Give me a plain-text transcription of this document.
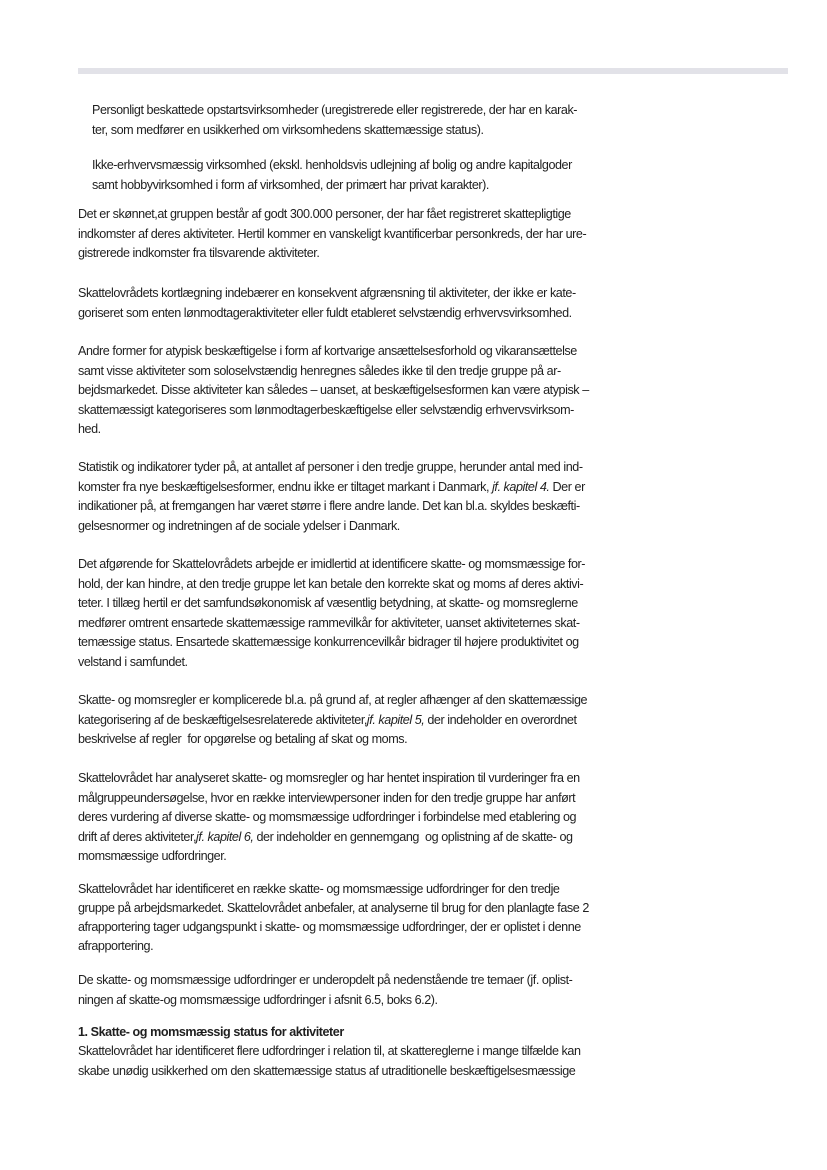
Personligt beskattede opstartsvirksomheder (uregistrerede eller registrerede, der har en karak-
ter, som medfører en usikkerhed om virksomhedens skattemæssige status).
Ikke-erhvervsmæssig virksomhed (ekskl. henholdsvis udlejning af bolig og andre kapitalgoder
samt hobbyvirksomhed i form af virksomhed, der primært har privat karakter).
Det er skønnet,at gruppen består af godt 300.000 personer, der har fået registreret skattepligtige
indkomster af deres aktiviteter. Hertil kommer en vanskeligt kvantificerbar personkreds, der har ure-
gistrerede indkomster fra tilsvarende aktiviteter.
Skattelovrådets kortlægning indebærer en konsekvent afgrænsning til aktiviteter, der ikke er kate-
goriseret som enten lønmodtageraktiviteter eller fuldt etableret selvstændig erhvervsvirksomhed.
Andre former for atypisk beskæftigelse i form af kortvarige ansættelsesforhold og vikaransættelse
samt visse aktiviteter som soloselvstændig henregnes således ikke til den tredje gruppe på ar-
bejdsmarkedet. Disse aktiviteter kan således – uanset, at beskæftigelsesformen kan være atypisk –
skattemæssigt kategoriseres som lønmodtagerbeskæftigelse eller selvstændig erhvervsvirksom-
hed.
Statistik og indikatorer tyder på, at antallet af personer i den tredje gruppe, herunder antal med ind-
komster fra nye beskæftigelsesformer, endnu ikke er tiltaget markant i Danmark, jf. kapitel 4. Der er
indikationer på, at fremgangen har været større i flere andre lande. Det kan bl.a. skyldes beskæfti-
gelsesnormer og indretningen af de sociale ydelser i Danmark.
Det afgørende for Skattelovrådets arbejde er imidlertid at identificere skatte- og momsmæssige for-
hold, der kan hindre, at den tredje gruppe let kan betale den korrekte skat og moms af deres aktivi-
teter. I tillæg hertil er det samfundsøkonomisk af væsentlig betydning, at skatte- og momsreglerne
medfører omtrent ensartede skattemæssige rammevilkår for aktiviteter, uanset aktiviteternes skat-
temæssige status. Ensartede skattemæssige konkurrencevilkår bidrager til højere produktivitet og
velstand i samfundet.
Skatte- og momsregler er komplicerede bl.a. på grund af, at regler afhænger af den skattemæssige
kategorisering af de beskæftigelsesrelaterede aktiviteter,jf. kapitel 5, der indeholder en overordnet
beskrivelse af regler  for opgørelse og betaling af skat og moms.
Skattelovrådet har analyseret skatte- og momsregler og har hentet inspiration til vurderinger fra en
målgruppeundersøgelse, hvor en række interviewpersoner inden for den tredje gruppe har anført
deres vurdering af diverse skatte- og momsmæssige udfordringer i forbindelse med etablering og
drift af deres aktiviteter,jf. kapitel 6, der indeholder en gennemgang  og oplistning af de skatte- og
momsmæssige udfordringer.
Skattelovrådet har identificeret en række skatte- og momsmæssige udfordringer for den tredje
gruppe på arbejdsmarkedet. Skattelovrådet anbefaler, at analyserne til brug for den planlagte fase 2
afrapportering tager udgangspunkt i skatte- og momsmæssige udfordringer, der er oplistet i denne
afrapportering.
De skatte- og momsmæssige udfordringer er underopdelt på nedenstående tre temaer (jf. oplist-
ningen af skatte-og momsmæssige udfordringer i afsnit 6.5, boks 6.2).
1. Skatte- og momsmæssig status for aktiviteter
Skattelovrådet har identificeret flere udfordringer i relation til, at skattereglerne i mange tilfælde kan
skabe unødig usikkerhed om den skattemæssige status af utraditionelle beskæftigelsesmæssige
